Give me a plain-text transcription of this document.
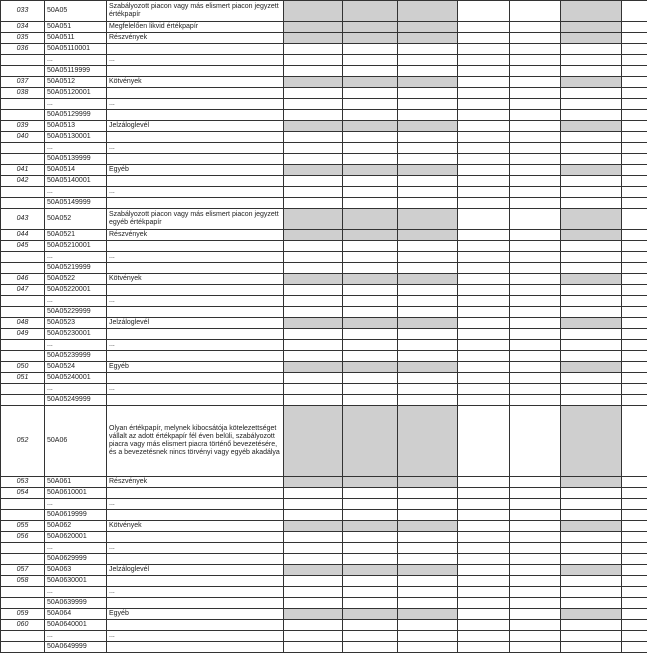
033	50A05	Szabályozott piacon vagy más elismert piacon jegyzett értékpapír							
034	50A051	Megfelelően likvid értékpapír							
035	50A0511	Részvények							
036	50A05110001								
	...	...							
	50A05119999								
037	50A0512	Kötvények							
038	50A05120001								
	...	...							
	50A05129999								
039	50A0513	Jelzáloglevél							
040	50A05130001								
	...	...							
	50A05139999								
041	50A0514	Egyéb							
042	50A05140001								
	...	...							
	50A05149999								
043	50A052	Szabályozott piacon vagy más elismert piacon jegyzett egyéb értékpapír							
044	50A0521	Részvények							
045	50A05210001								
	...	...							
	50A05219999								
046	50A0522	Kötvények							
047	50A05220001								
	...	...							
	50A05229999								
048	50A0523	Jelzáloglevél							
049	50A05230001								
	...	...							
	50A05239999								
050	50A0524	Egyéb							
051	50A05240001								
	...	...							
	50A05249999								
052	50A06	Olyan értékpapír, melynek kibocsátója kötelezettséget vállalt az adott értékpapír fél éven belüli, szabályozott piacra vagy más elismert piacra történő bevezetésére, és a bevezetésnek nincs törvényi vagy egyéb akadálya							
053	50A061	Részvények							
054	50A0610001								
	...	...							
	50A0619999								
055	50A062	Kötvények							
056	50A0620001								
	...	...							
	50A0629999								
057	50A063	Jelzáloglevél							
058	50A0630001								
	...	...							
	50A0639999								
059	50A064	Egyéb							
060	50A0640001								
	...	...							
	50A0649999								
